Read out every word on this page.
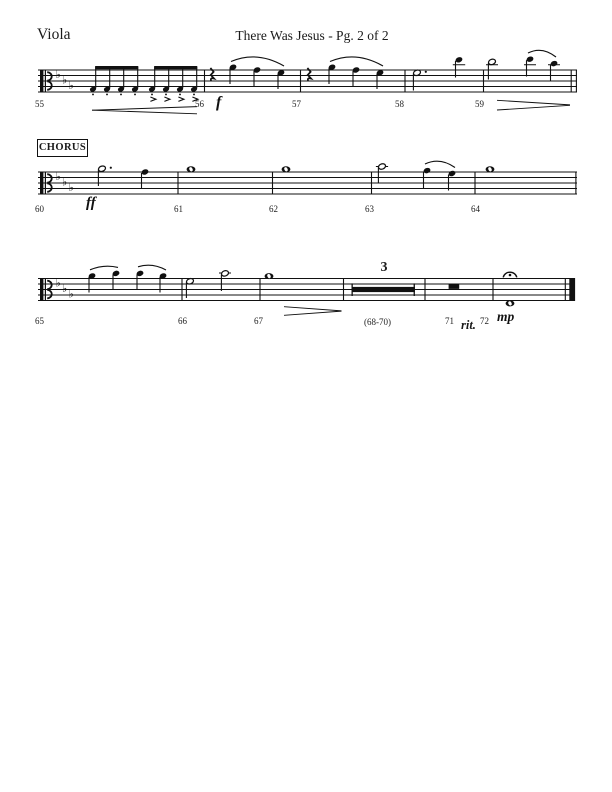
♭ ♭ ♭
♭ ♭ ♭
♭ ♭ ♭
Viola	There Was Jesus - Pg. 2 of 2
55	56	57	58	59
f
CHORUS
60	61	62	63	64
ff
65	66	67	71	72
3
(68-70)	rit.
mp
